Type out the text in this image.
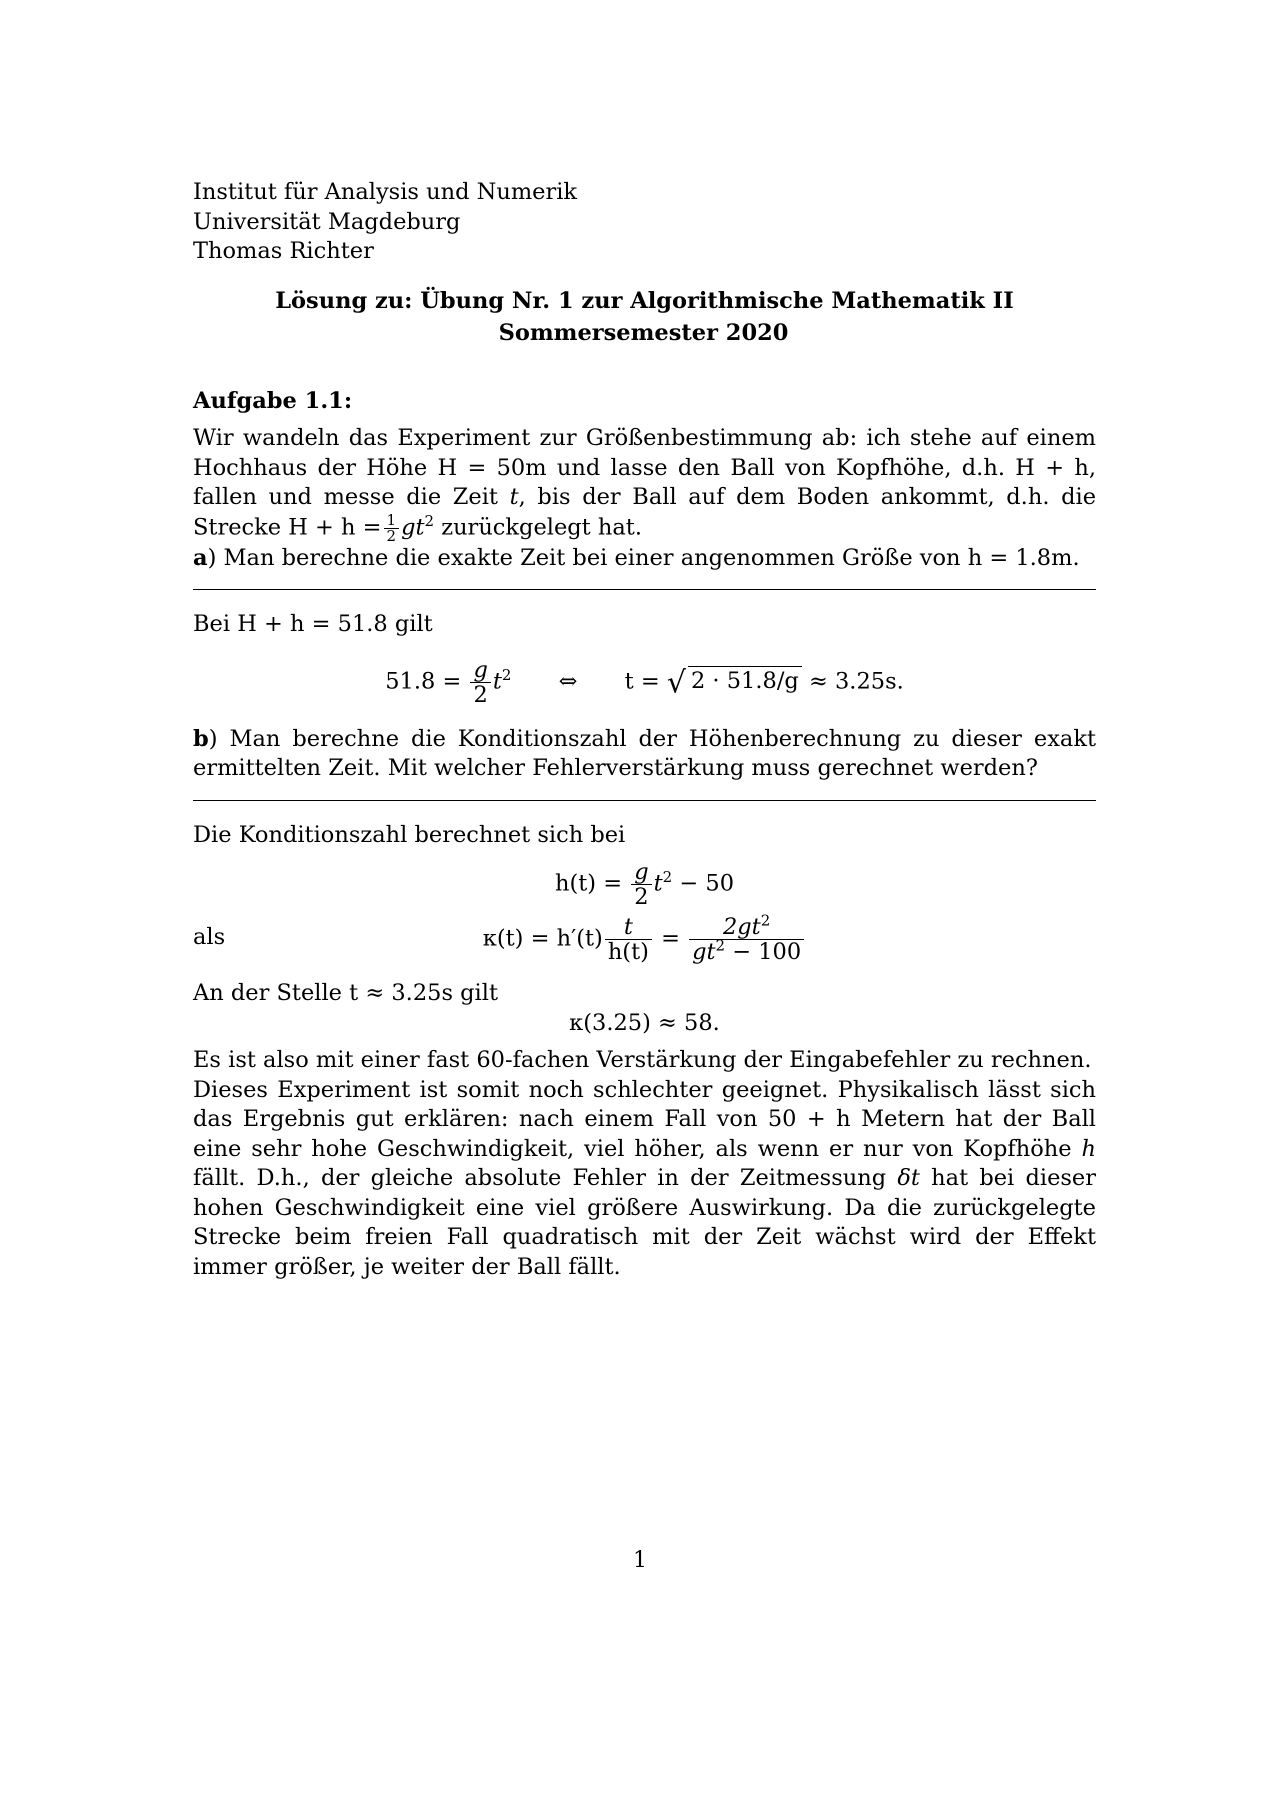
Institut für Analysis und Numerik
Universität Magdeburg
Thomas Richter
Lösung zu: Übung Nr. 1 zur Algorithmische Mathematik II
Sommersemester 2020
Aufgabe 1.1:

Wir wandeln das Experiment zur Größenbestimmung ab: ich stehe auf einem Hochhaus der Höhe H = 50m und lasse den Ball von Kopfhöhe, d.h. H + h, fallen und messe die Zeit t, bis der Ball auf dem Boden ankommt, d.h. die Strecke $H + h = \frac{1}{2} gt^2$ zurückgelegt hat.

a) Man berechne die exakte Zeit bei einer angenommen Größe von h = 1.8m.

Bei H + h = 51.8 gilt

$51.8 = \frac{g}{2} t^2$ ⇔ t = √ 2 · 51.8/g ≈ 3.25s.

b) Man berechne die Konditionszahl der Höhenberechnung zu dieser exakt ermittelten Zeit. Mit welcher Fehlerverstärkung muss gerechnet werden?

Die Konditionszahl berechnet sich bei

$h(t) = \frac{g}{2} t^2 - 50$
als	$\kappa(t) = h'(t) \frac{t}{h(t)} = \frac{2gt^2}{gt^2 - 100}$

An der Stelle t ≈ 3.25s gilt

κ(3.25) ≈ 58.

Es ist also mit einer fast 60-fachen Verstärkung der Eingabefehler zu rechnen.

Dieses Experiment ist somit noch schlechter geeignet. Physikalisch lässt sich das Ergebnis gut erklären: nach einem Fall von 50 + h Metern hat der Ball eine sehr hohe Geschwindigkeit, viel höher, als wenn er nur von Kopfhöhe h fällt. D.h., der gleiche absolute Fehler in der Zeitmessung δt hat bei dieser hohen Geschwindigkeit eine viel größere Auswirkung. Da die zurückgelegte Strecke beim freien Fall quadratisch mit der Zeit wächst wird der Effekt immer größer, je weiter der Ball fällt.

1
